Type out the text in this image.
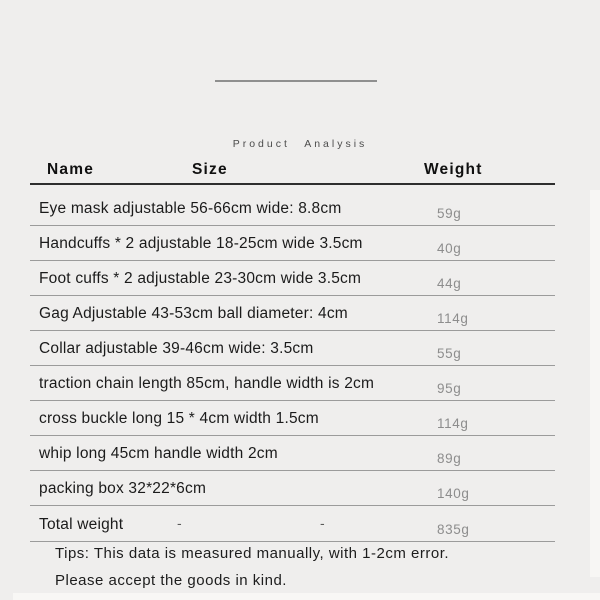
Product Analysis
Name	Size	Weight
Eye mask adjustable 56-66cm wide: 8.8cm	59g
Handcuffs * 2 adjustable 18-25cm wide 3.5cm	40g
Foot cuffs * 2 adjustable 23-30cm wide 3.5cm	44g
Gag Adjustable 43-53cm ball diameter: 4cm	114g
Collar adjustable 39-46cm wide: 3.5cm	55g
traction chain length 85cm, handle width is 2cm	95g
cross buckle long 15 * 4cm width 1.5cm	114g
whip long 45cm handle width 2cm	89g
packing box 32*22*6cm	140g
Total weight	-	-	835g
Tips: This data is measured manually, with 1-2cm error.
Please accept the goods in kind.
